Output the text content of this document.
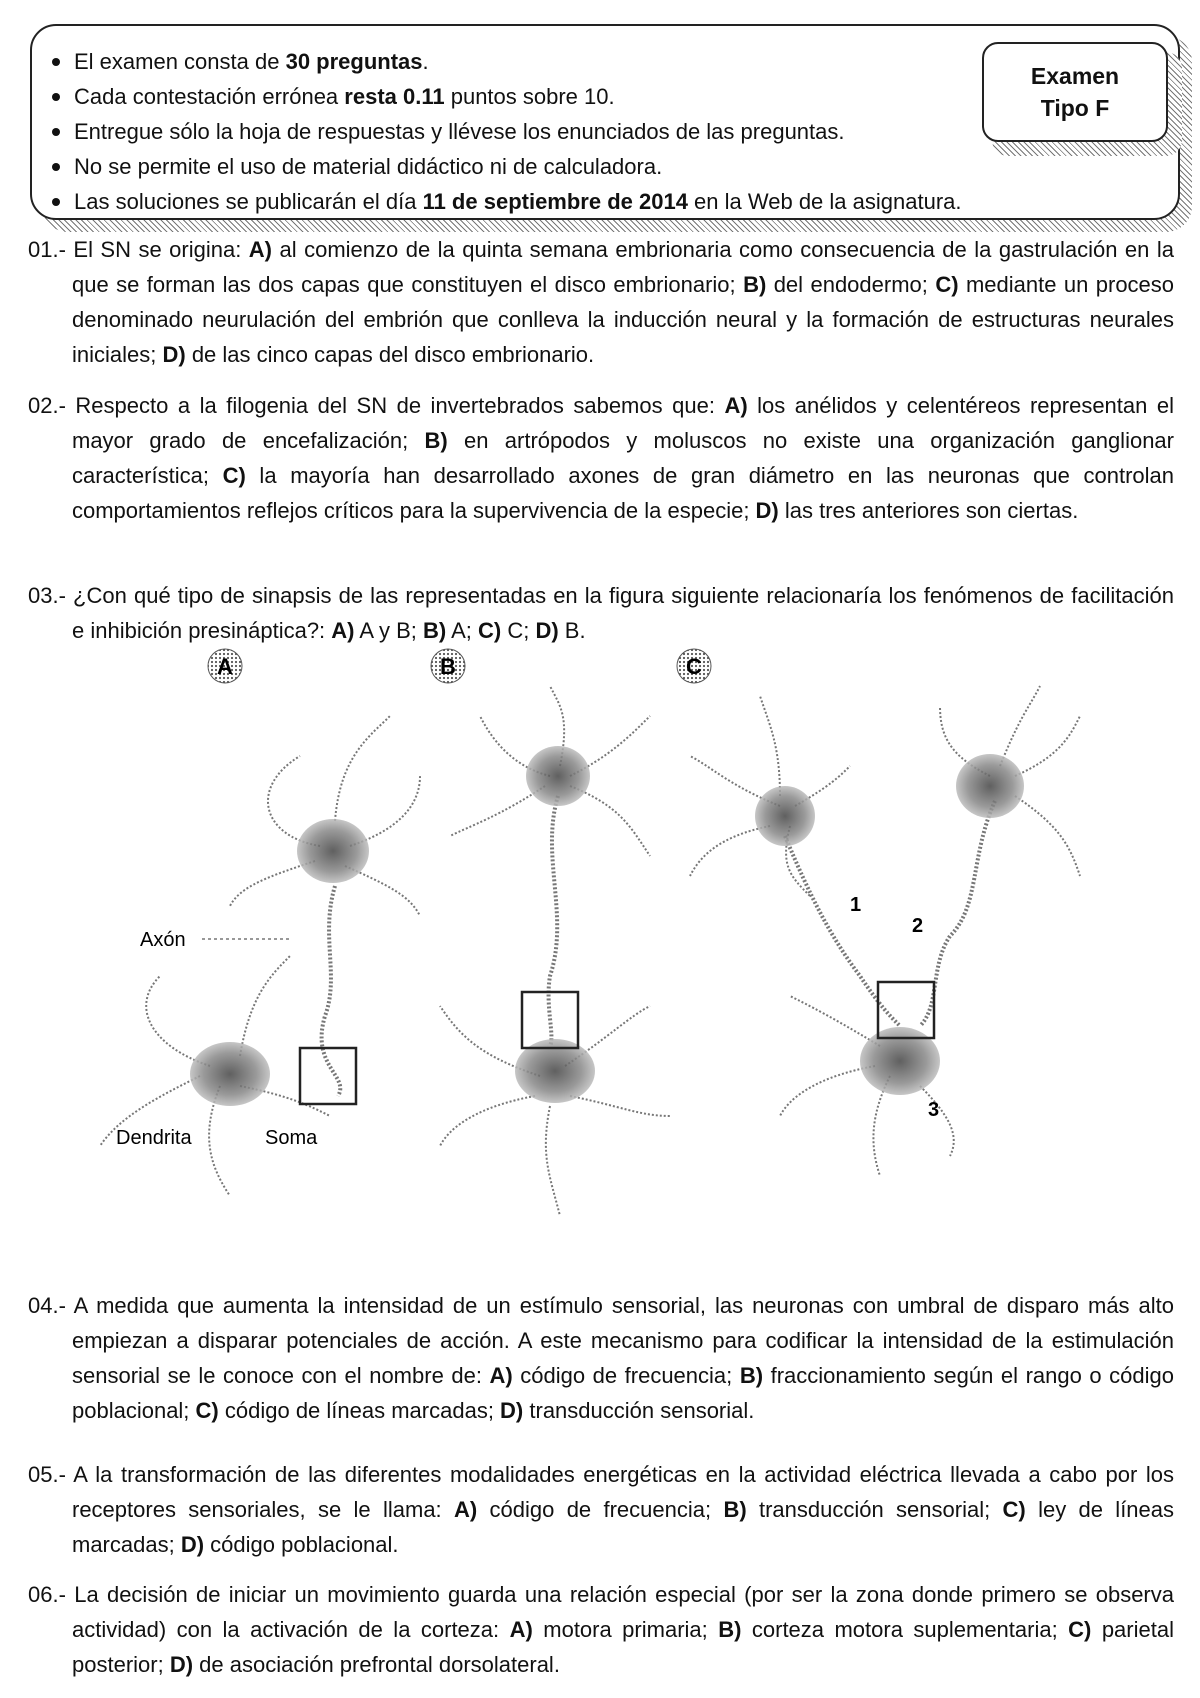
El examen consta de 30 preguntas.
Cada contestación errónea resta 0.11 puntos sobre 10.
Entregue sólo la hoja de respuestas y llévese los enunciados de las preguntas.
No se permite el uso de material didáctico ni de calculadora.
Las soluciones se publicarán el día 11 de septiembre de 2014 en la Web de la asignatura.
Examen
Tipo F
01.- El SN se origina: A) al comienzo de la quinta semana embrionaria como consecuencia de la gastrulación en la que se forman las dos capas que constituyen el disco embrionario; B) del endodermo; C) mediante un proceso denominado neurulación del embrión que conlleva la inducción neural y la formación de estructuras neurales iniciales; D) de las cinco capas del disco embrionario.
02.- Respecto a la filogenia del SN de invertebrados sabemos que: A) los anélidos y celentéreos representan el mayor grado de encefalización; B) en artrópodos y moluscos no existe una organización ganglionar característica; C) la mayoría han desarrollado axones de gran diámetro en las neuronas que controlan comportamientos reflejos críticos para la supervivencia de la especie; D) las tres anteriores son ciertas.
03.- ¿Con qué tipo de sinapsis de las representadas en la figura siguiente relacionaría los fenómenos de facilitación e inhibición presináptica?: A) A y B; B) A; C) C; D) B.
A	B	C
Axón
Dendrita	Soma
1
2
3
04.- A medida que aumenta la intensidad de un estímulo sensorial, las neuronas con umbral de disparo más alto empiezan a disparar potenciales de acción. A este mecanismo para codificar la intensidad de la estimulación sensorial se le conoce con el nombre de: A) código de frecuencia; B) fraccionamiento según el rango o código poblacional; C) código de líneas marcadas; D) transducción sensorial.
05.- A la transformación de las diferentes modalidades energéticas en la actividad eléctrica llevada a cabo por los receptores sensoriales, se le llama: A) código de frecuencia; B) transducción sensorial; C) ley de líneas marcadas; D) código poblacional.
06.- La decisión de iniciar un movimiento guarda una relación especial (por ser la zona donde primero se observa actividad) con la activación de la corteza: A) motora primaria; B) corteza motora suplementaria; C) parietal posterior; D) de asociación prefrontal dorsolateral.
